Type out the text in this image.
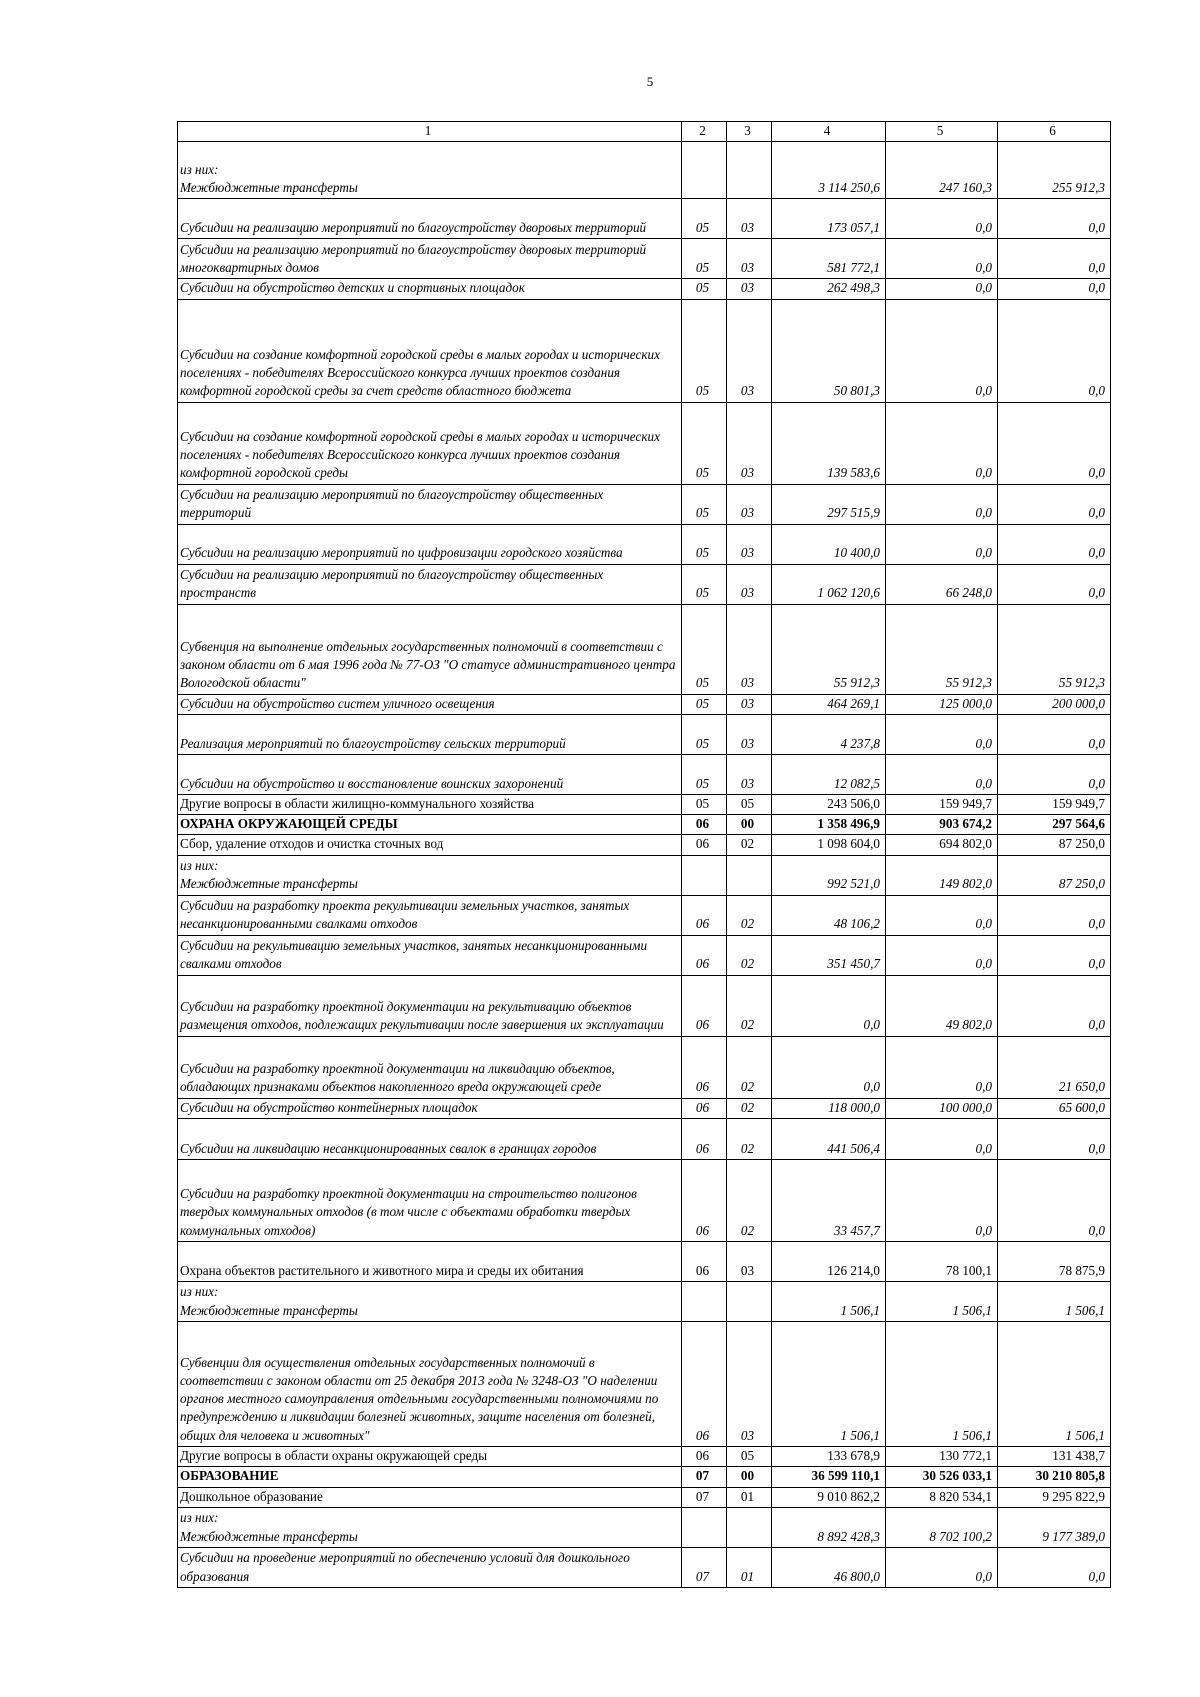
5
1	2	3	4	5	6
из них:
Межбюджетные трансферты			3 114 250,6	247 160,3	255 912,3
Субсидии на реализацию мероприятий по благоустройству дворовых территорий	05	03	173 057,1	0,0	0,0
Субсидии на реализацию мероприятий по благоустройству дворовых территорий многоквартирных домов	05	03	581 772,1	0,0	0,0
Субсидии на обустройство детских и спортивных площадок	05	03	262 498,3	0,0	0,0
Субсидии на создание комфортной городской среды в малых городах и исторических поселениях - победителях Всероссийского конкурса лучших проектов создания комфортной городской среды за счет средств областного бюджета	05	03	50 801,3	0,0	0,0
Субсидии на создание комфортной городской среды в малых городах и исторических поселениях - победителях Всероссийского конкурса лучших проектов создания комфортной городской среды	05	03	139 583,6	0,0	0,0
Субсидии на реализацию мероприятий по благоустройству общественных территорий	05	03	297 515,9	0,0	0,0
Субсидии на реализацию мероприятий по цифровизации городского хозяйства	05	03	10 400,0	0,0	0,0
Субсидии на реализацию мероприятий по благоустройству общественных пространств	05	03	1 062 120,6	66 248,0	0,0
Субвенция на выполнение отдельных государственных полномочий в соответствии с законом области от 6 мая 1996 года № 77-ОЗ "О статусе административного центра Вологодской области"	05	03	55 912,3	55 912,3	55 912,3
Субсидии на обустройство систем уличного освещения	05	03	464 269,1	125 000,0	200 000,0
Реализация мероприятий по благоустройству сельских территорий	05	03	4 237,8	0,0	0,0
Субсидии на обустройство и восстановление воинских захоронений	05	03	12 082,5	0,0	0,0
Другие вопросы в области жилищно-коммунального хозяйства	05	05	243 506,0	159 949,7	159 949,7
ОХРАНА ОКРУЖАЮЩЕЙ СРЕДЫ	06	00	1 358 496,9	903 674,2	297 564,6
Сбор, удаление отходов и очистка сточных вод	06	02	1 098 604,0	694 802,0	87 250,0
из них:
Межбюджетные трансферты			992 521,0	149 802,0	87 250,0
Субсидии на разработку проекта рекультивации земельных участков, занятых несанкционированными свалками отходов	06	02	48 106,2	0,0	0,0
Субсидии на рекультивацию земельных участков, занятых несанкционированными свалками отходов	06	02	351 450,7	0,0	0,0
Субсидии на разработку проектной документации на рекультивацию объектов размещения отходов, подлежащих рекультивации после завершения их эксплуатации	06	02	0,0	49 802,0	0,0
Субсидии на разработку проектной документации на ликвидацию объектов, обладающих признаками объектов накопленного вреда окружающей среде	06	02	0,0	0,0	21 650,0
Субсидии на обустройство контейнерных площадок	06	02	118 000,0	100 000,0	65 600,0
Субсидии на ликвидацию несанкционированных свалок в границах городов	06	02	441 506,4	0,0	0,0
Субсидии на разработку проектной документации на строительство полигонов твердых коммунальных отходов (в том числе с объектами обработки твердых коммунальных отходов)	06	02	33 457,7	0,0	0,0
Охрана объектов растительного и животного мира и среды их обитания	06	03	126 214,0	78 100,1	78 875,9
из них:
Межбюджетные трансферты			1 506,1	1 506,1	1 506,1
Субвенции для осуществления отдельных государственных полномочий в соответствии с законом области от 25 декабря 2013 года № 3248-ОЗ "О наделении органов местного самоуправления отдельными государственными полномочиями по предупреждению и ликвидации болезней животных, защите населения от болезней, общих для человека и животных"	06	03	1 506,1	1 506,1	1 506,1
Другие вопросы в области охраны окружающей среды	06	05	133 678,9	130 772,1	131 438,7
ОБРАЗОВАНИЕ	07	00	36 599 110,1	30 526 033,1	30 210 805,8
Дошкольное образование	07	01	9 010 862,2	8 820 534,1	9 295 822,9
из них:
Межбюджетные трансферты			8 892 428,3	8 702 100,2	9 177 389,0
Субсидии на проведение мероприятий по обеспечению условий для дошкольного образования	07	01	46 800,0	0,0	0,0
